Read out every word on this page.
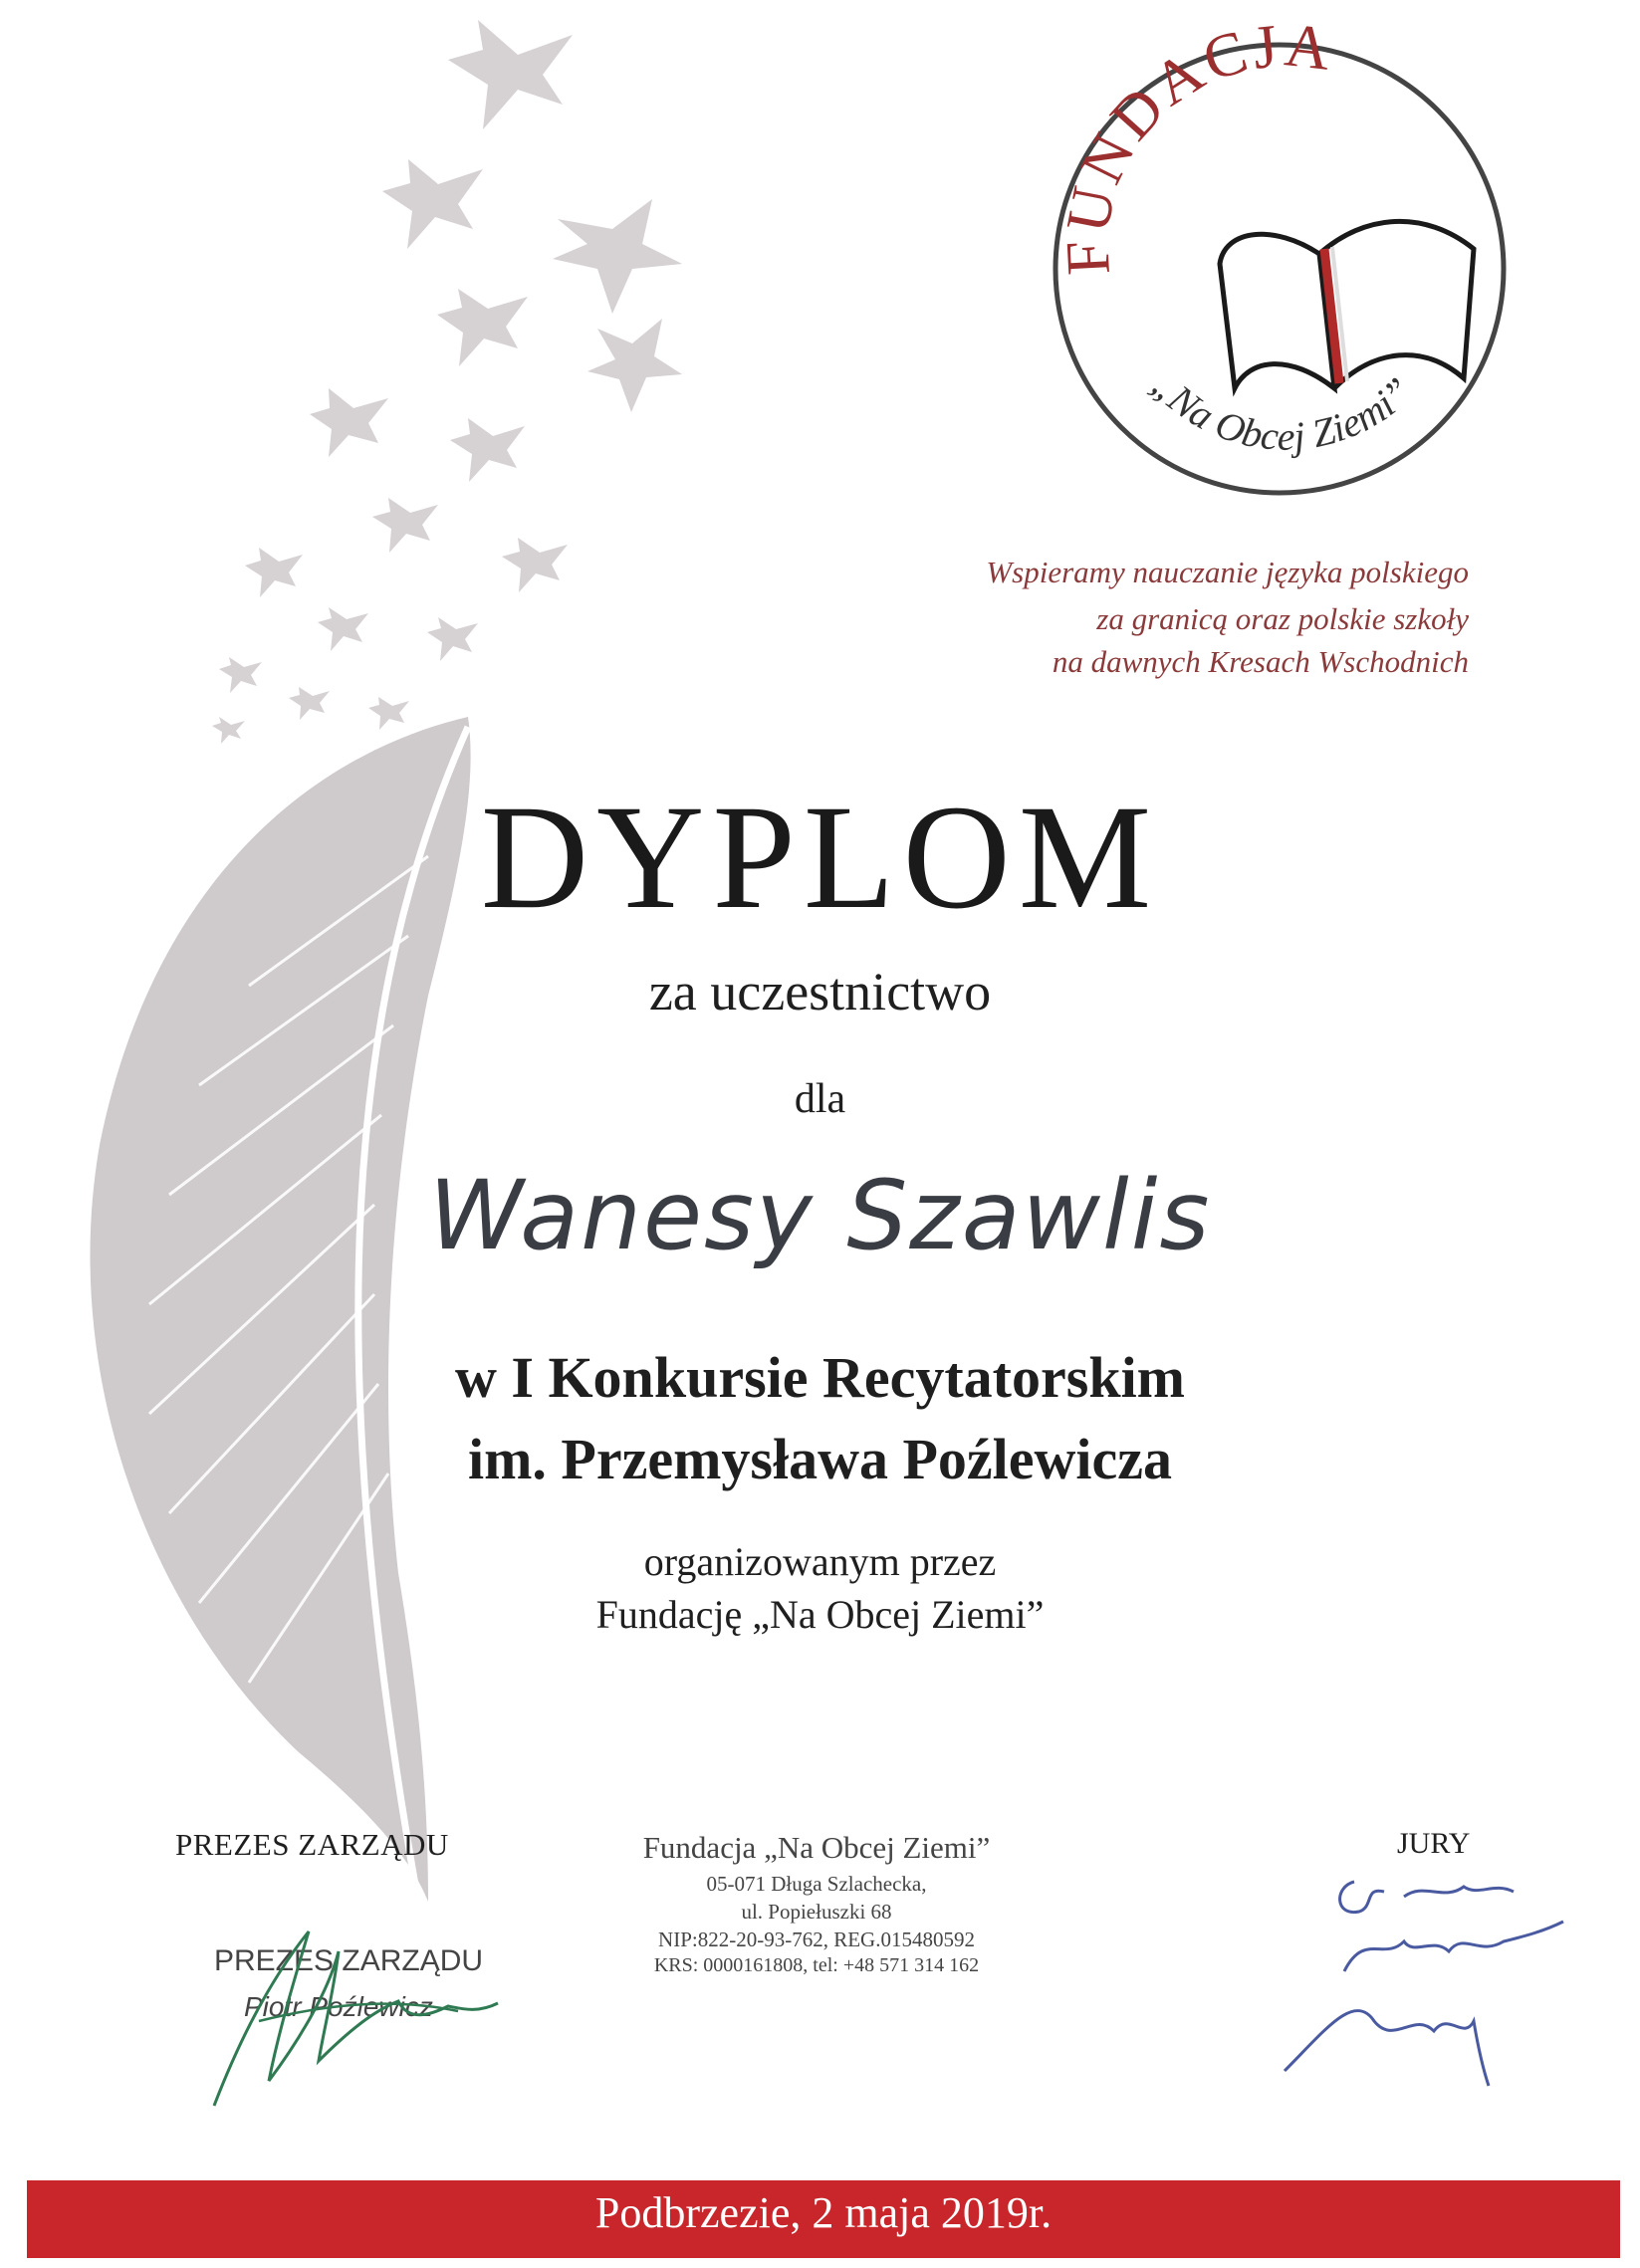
FUNDACJA
„Na Obcej Ziemi”
Wspieramy nauczanie języka polskiego
za granicą oraz polskie szkoły
na dawnych Kresach Wschodnich
DYPLOM
za uczestnictwo
dla
Wanesy Szawlis
w I Konkursie Recytatorskim
im. Przemysława Poźlewicza
organizowanym przez
Fundację „Na Obcej Ziemi”
PREZES ZARZĄDU
PREZES ZARZĄDU
Piotr Poźlewicz
Fundacja „Na Obcej Ziemi”
05-071 Długa Szlachecka,
ul. Popiełuszki 68
NIP:822-20-93-762, REG.015480592
KRS: 0000161808, tel: +48 571 314 162
JURY
Podbrzezie, 2 maja 2019r.
